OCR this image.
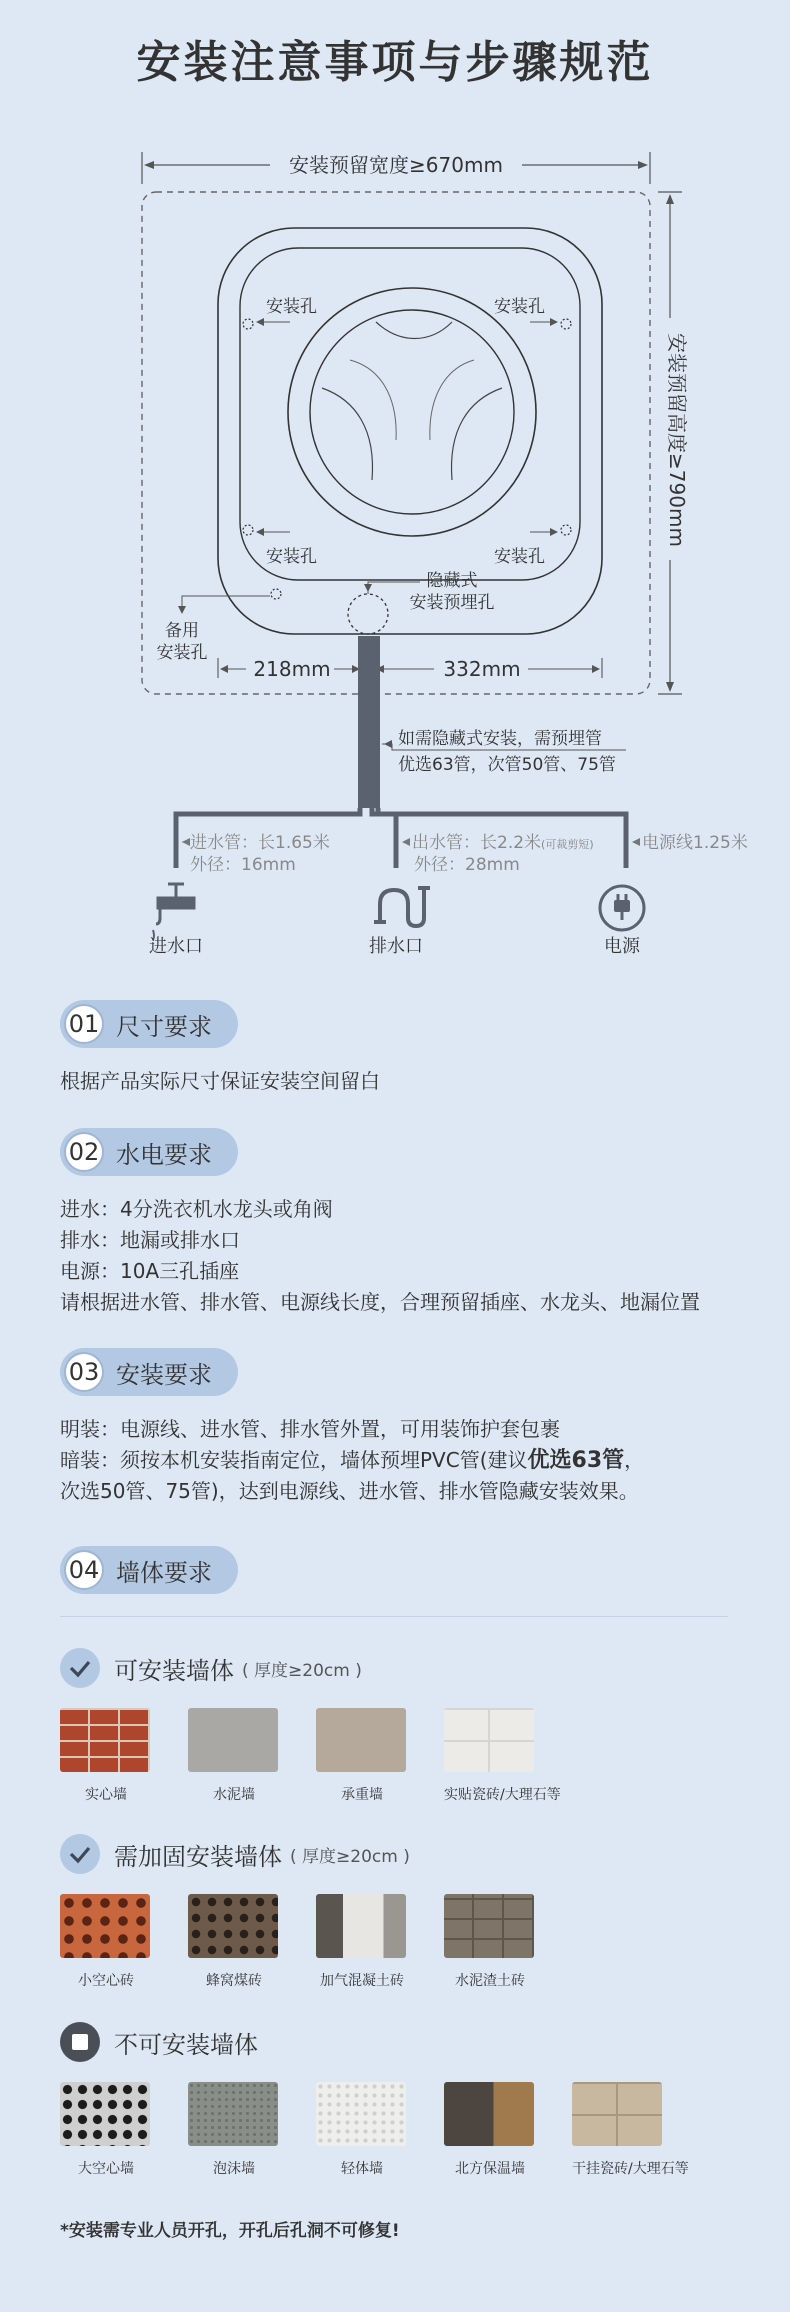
安装注意事项与步骤规范
安装预留宽度≥670mm
安装预留高度≥790mm
安装孔	安装孔
安装孔	安装孔
备用
安装孔
隐藏式
安装预埋孔
218mm	332mm
如需隐藏式安装，需预埋管
优选63管，次管50管、75管
进水管：长1.65米
外径：16mm
出水管：长2.2米(可裁剪短)
外径：28mm
电源线1.25米
进水口	排水口	电源
01 尺寸要求
根据产品实际尺寸保证安装空间留白
02 水电要求
进水：4分洗衣机水龙头或角阀
排水：地漏或排水口
电源：10A三孔插座
请根据进水管、排水管、电源线长度，合理预留插座、水龙头、地漏位置
03 安装要求
明装：电源线、进水管、排水管外置，可用装饰护套包裹
暗装：须按本机安装指南定位，墙体预埋PVC管(建议优选63管，
次选50管、75管)，达到电源线、进水管、排水管隐藏安装效果。
04 墙体要求
可安装墙体 ( 厚度≥20cm )
实心墙	水泥墙	承重墙	实贴瓷砖/大理石等
需加固安装墙体 ( 厚度≥20cm )
小空心砖	蜂窝煤砖	加气混凝土砖	水泥渣土砖
不可安装墙体
大空心墙	泡沫墙	轻体墙	北方保温墙	干挂瓷砖/大理石等
*安装需专业人员开孔，开孔后孔洞不可修复!
